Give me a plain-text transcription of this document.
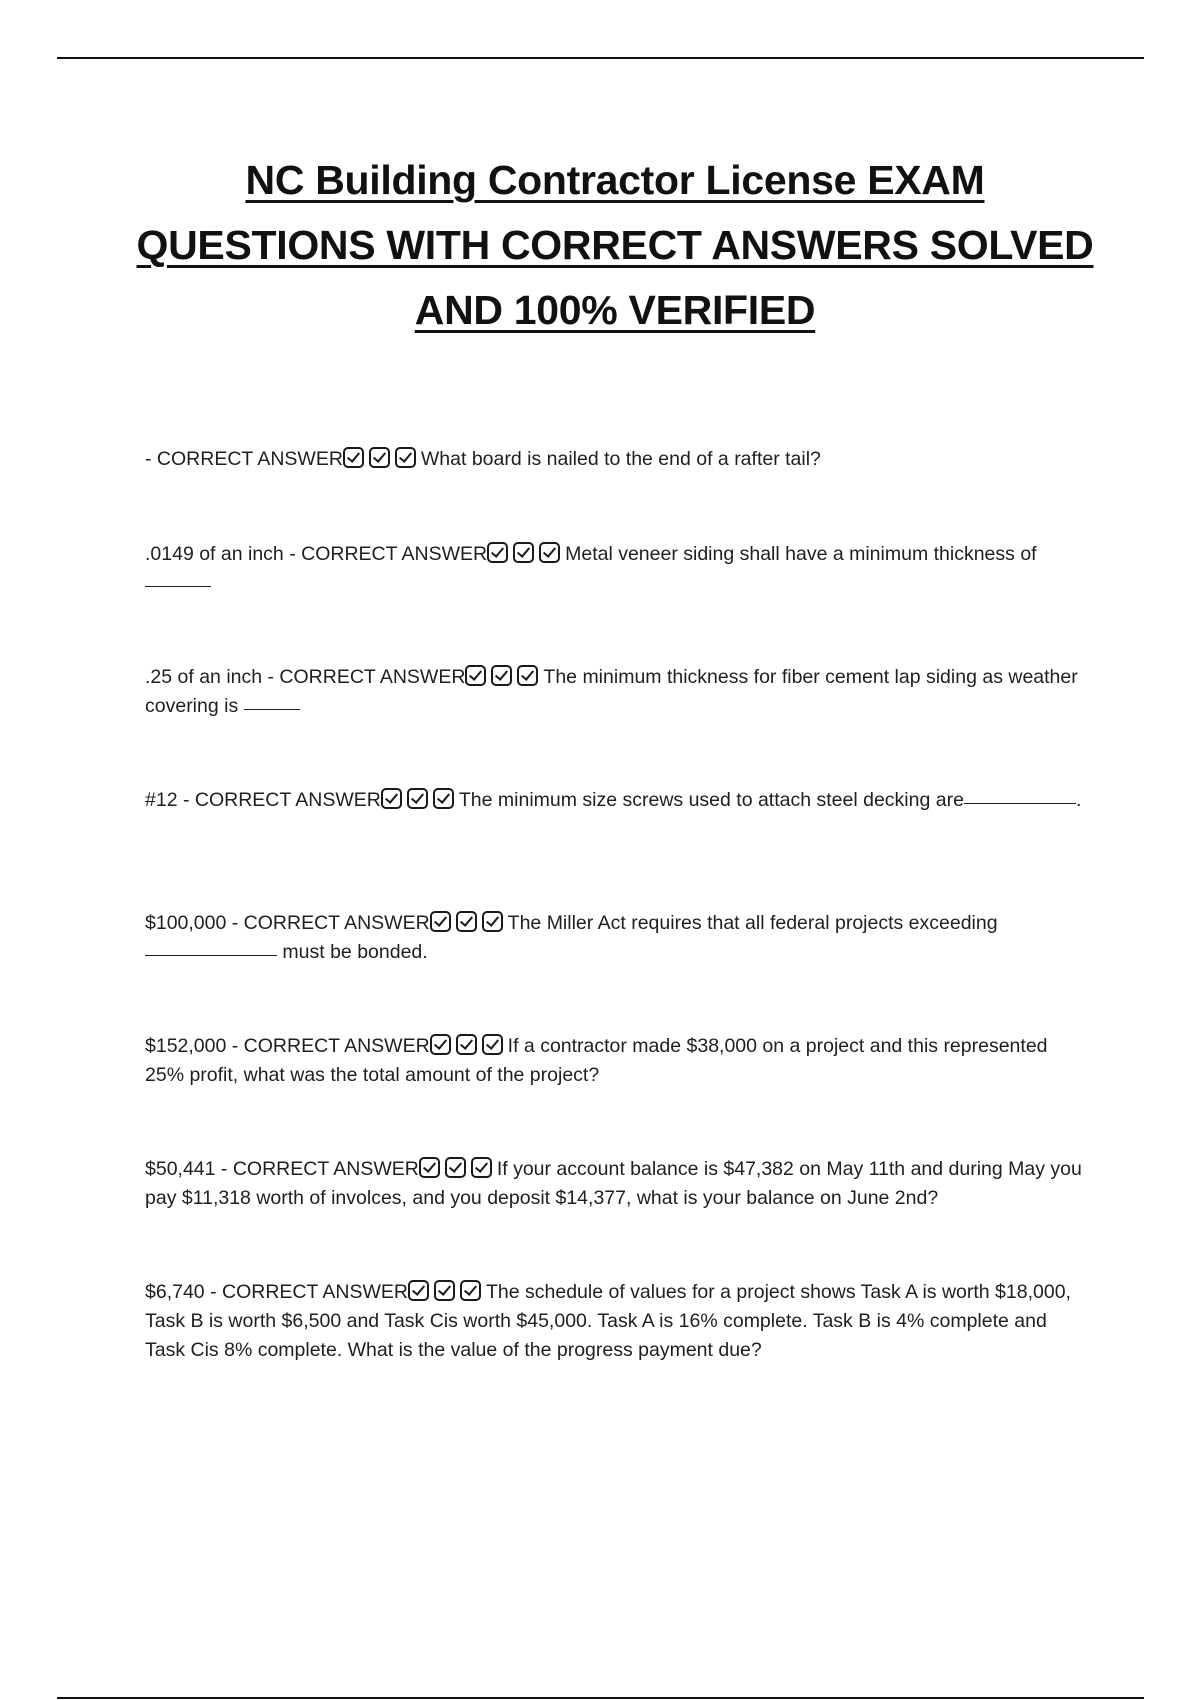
NC Building Contractor License EXAM
QUESTIONS WITH CORRECT ANSWERS SOLVED
AND 100% VERIFIED
- CORRECT ANSWER	What board is nailed to the end of a rafter tail?
.0149 of an inch - CORRECT ANSWER	Metal veneer siding shall have a minimum thickness of
.25 of an inch - CORRECT ANSWER	The minimum thickness for fiber cement lap siding as weather covering is
#12 - CORRECT ANSWER	The minimum size screws used to attach steel decking are	.
$100,000 - CORRECT ANSWER	The Miller Act requires that all federal projects exceeding  must be bonded.
$152,000 - CORRECT ANSWER	If a contractor made $38,000 on a project and this represented 25% profit, what was the total amount of the project?
$50,441 - CORRECT ANSWER	If your account balance is $47,382 on May 11th and during May you pay $11,318 worth of involces, and you deposit $14,377, what is your balance on June 2nd?
$6,740 - CORRECT ANSWER	The schedule of values for a project shows Task A is worth $18,000, Task B is worth $6,500 and Task Cis worth $45,000. Task A is 16% complete. Task B is 4% complete and Task Cis 8% complete. What is the value of the progress payment due?
